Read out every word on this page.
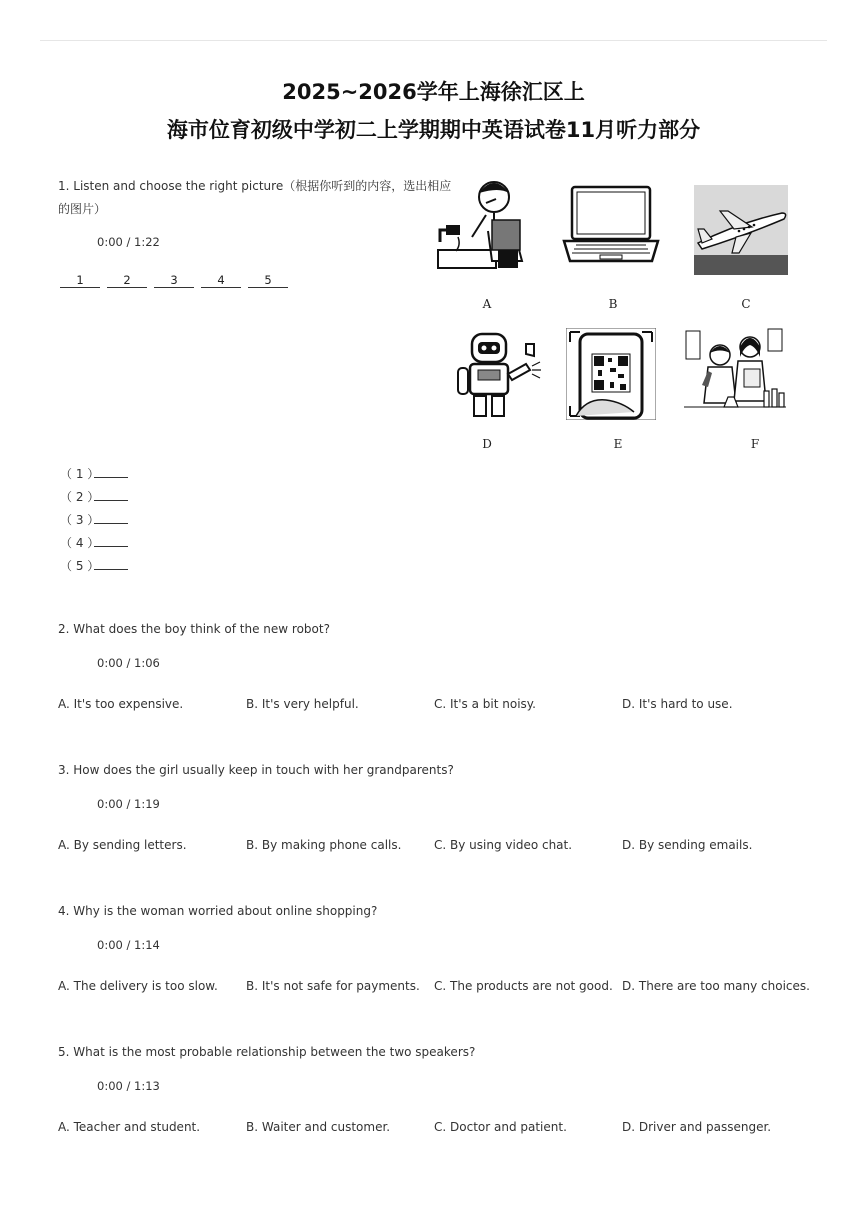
2025~2026学年上海徐汇区上
海市位育初级中学初二上学期期中英语试卷11月听力部分
1. Listen and choose the right picture（根据你听到的内容，选出相应
的图片）
0:00 / 1:22
1	2	3	4	5
A	B	C
D	E	F
（ 1 ）
（ 2 ）
（ 3 ）
（ 4 ）
（ 5 ）
2. What does the boy think of the new robot?
0:00 / 1:06
A. It's too expensive.	B. It's very helpful.	C. It's a bit noisy.	D. It's hard to use.
3. How does the girl usually keep in touch with her grandparents?
0:00 / 1:19
A. By sending letters.	B. By making phone calls.	C. By using video chat.	D. By sending emails.
4. Why is the woman worried about online shopping?
0:00 / 1:14
A. The delivery is too slow. B. It's not safe for payments. C. The products are not good. D. There are too many choices.
5. What is the most probable relationship between the two speakers?
0:00 / 1:13
A. Teacher and student.	B. Waiter and customer.	C. Doctor and patient.	D. Driver and passenger.
